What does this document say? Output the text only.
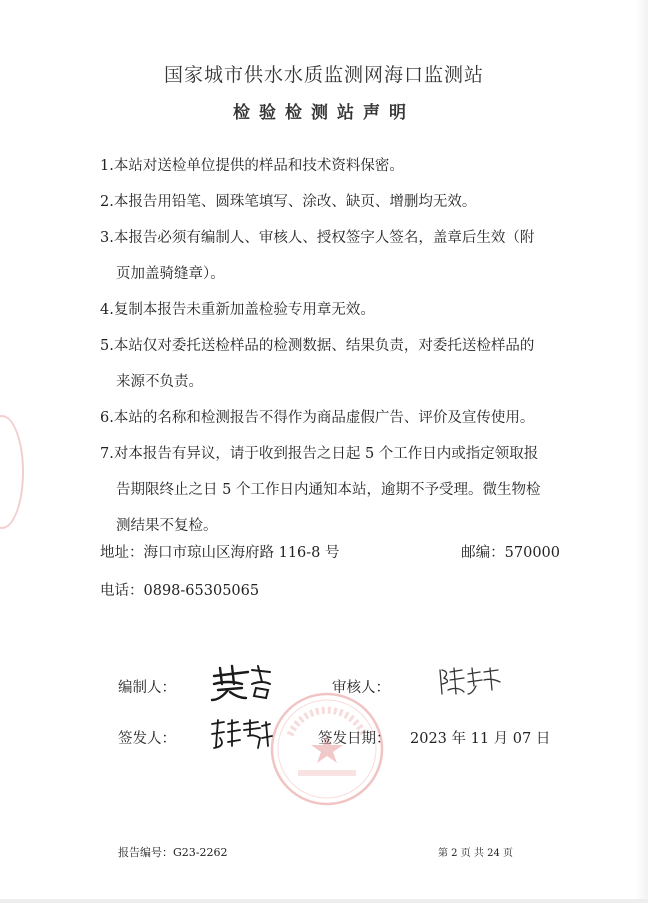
国家城市供水水质监测网海口监测站
检验检测站声明
1.本站对送检单位提供的样品和技术资料保密。
2.本报告用铅笔、圆珠笔填写、涂改、缺页、增删均无效。
3.本报告必须有编制人、审核人、授权签字人签名，盖章后生效（附
页加盖骑缝章）。
4.复制本报告未重新加盖检验专用章无效。
5.本站仅对委托送检样品的检测数据、结果负责，对委托送检样品的
来源不负责。
6.本站的名称和检测报告不得作为商品虚假广告、评价及宣传使用。
7.对本报告有异议，请于收到报告之日起 5 个工作日内或指定领取报
告期限终止之日 5 个工作日内通知本站，逾期不予受理。微生物检
测结果不复检。
地址：海口市琼山区海府路 116-8 号	邮编：570000
电话：0898-65305065
编制人：	审核人：
签发人：	签发日期： 2023 年 11 月 07 日
报告编号：G23-2262	第 2 页 共 24 页
